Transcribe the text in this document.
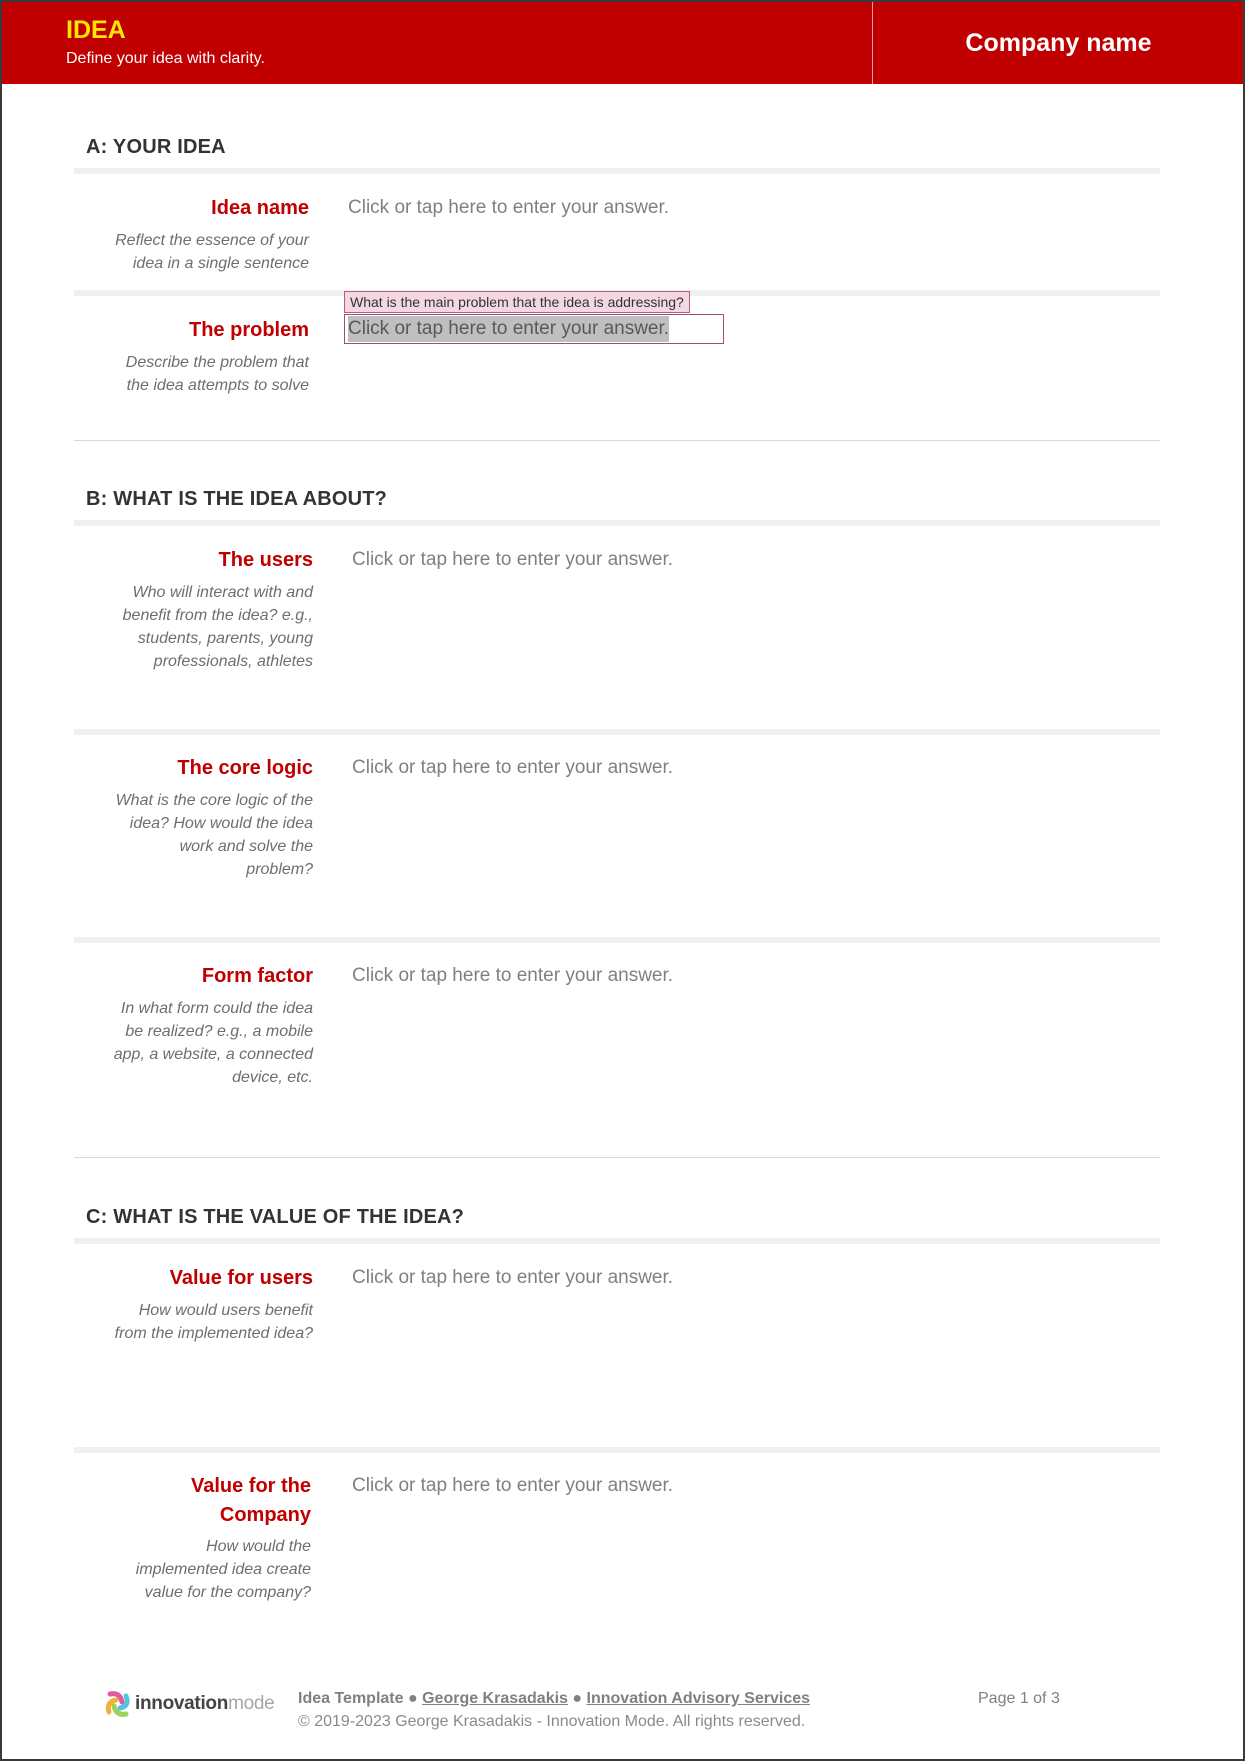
IDEA
Define your idea with clarity.
Company name
A: YOUR IDEA
Idea name
Reflect the essence of your
idea in a single sentence
Click or tap here to enter your answer.
The problem
Describe the problem that
the idea attempts to solve
What is the main problem that the idea is addressing?
Click or tap here to enter your answer.
B: WHAT IS THE IDEA ABOUT?
The users
Who will interact with and
benefit from the idea? e.g.,
students, parents, young
professionals, athletes
Click or tap here to enter your answer.
The core logic
What is the core logic of the
idea? How would the idea
work and solve the
problem?
Click or tap here to enter your answer.
Form factor
In what form could the idea
be realized? e.g., a mobile
app, a website, a connected
device, etc.
Click or tap here to enter your answer.
C: WHAT IS THE VALUE OF THE IDEA?
Value for users
How would users benefit
from the implemented idea?
Click or tap here to enter your answer.
Value for the
Company
How would the
implemented idea create
value for the company?
Click or tap here to enter your answer.
innovationmode Idea Template ● George Krasadakis ● Innovation Advisory Services
© 2019-2023 George Krasadakis - Innovation Mode. All rights reserved.
Page 1 of 3
